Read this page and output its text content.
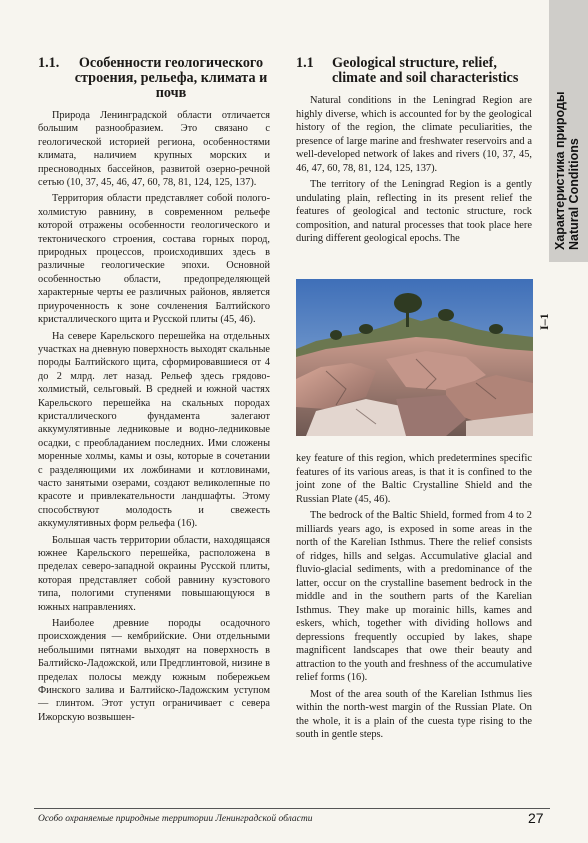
1.1.	Особенности геологического строения, рельефа, климата и почв

Природа Ленинградской области отличается большим разнообразием. Это связано с геологической историей региона, особенностями климата, наличием крупных морских и пресноводных бассейнов, развитой озерно-речной сетью (10, 37, 45, 46, 47, 60, 78, 81, 124, 125, 137).

Территория области представляет собой полого-холмистую равнину, в современном рельефе которой отражены особенности геологического и тектонического строения, состава горных пород, природных процессов, происходивших здесь в различные геологические эпохи. Основной особенностью области, предопределяющей характерные черты ее различных районов, является приуроченность к зоне сочленения Балтийского кристаллического щита и Русской плиты (45, 46).

На севере Карельского перешейка на отдельных участках на дневную поверхность выходят скальные породы Балтийского щита, сформировавшиеся от 4 до 2 млрд. лет назад. Рельеф здесь грядово-холмистый, сельговый. В средней и южной частях Карельского перешейка на скальных породах кристаллического фундамента залегают аккумулятивные ледниковые и водно-ледниковые осадки, с преобладанием последних. Ими сложены моренные холмы, камы и озы, которые в сочетании с разделяющими их ложбинами и котловинами, часто занятыми озерами, создают великолепные по красоте и привлекательности ландшафты. Этому способствуют молодость и свежесть аккумулятивных форм рельефа (16).

Большая часть территории области, находящаяся южнее Карельского перешейка, расположена в пределах северо-западной окраины Русской плиты, которая представляет собой равнину куэстового типа, пологими ступенями повышающуюся в южных направлениях.

Наиболее древние породы осадочного происхождения — кембрийские. Они отдельными небольшими пятнами выходят на поверхность в Балтийско-Ладожской, или Предглинтовой, низине в пределах полосы между южным побережьем Финского залива и Балтийско-Ладожским уступом — глинтом. Этот уступ ограничивает с севера Ижорскую возвышен-

1.1	Geological structure, relief, climate and soil characteristics

Natural conditions in the Leningrad Region are highly diverse, which is accounted for by the geological history of the region, the climate peculiarities, the presence of large marine and freshwater reservoirs and a well-developed network of lakes and rivers (10, 37, 45, 46, 47, 60, 78, 81, 124, 125, 137).

The territory of the Leningrad Region is a gently undulating plain, reflecting in its present relief the features of geological and tectonic structure, rock composition, and natural processes that took place here during different geological epochs. The

key feature of this region, which predetermines specific features of its various areas, is that it is confined to the joint zone of the Baltic Crystalline Shield and the Russian Plate (45, 46).

The bedrock of the Baltic Shield, formed from 4 to 2 milliards years ago, is exposed in some areas in the north of the Karelian Isthmus. There the relief consists of ridges, hills and selgas. Accumulative glacial and fluvio-glacial sediments, with a predominance of the latter, occur on the crystalline basement bedrock in the middle and in the southern parts of the Karelian Isthmus. They make up morainic hills, kames and eskers, which, together with dividing hollows and depressions frequently occupied by lakes, shape magnificent landscapes that owe their beauty and attraction to the youth and freshness of the accumulative relief forms (16).

Most of the area south of the Karelian Isthmus lies within the north-west margin of the Russian Plate. On the whole, it is a plain of the cuesta type rising to the south in gentle steps.

Характеристика природы Natural Conditions
I–1
Особо охраняемые природные территории Ленинградской области	27
